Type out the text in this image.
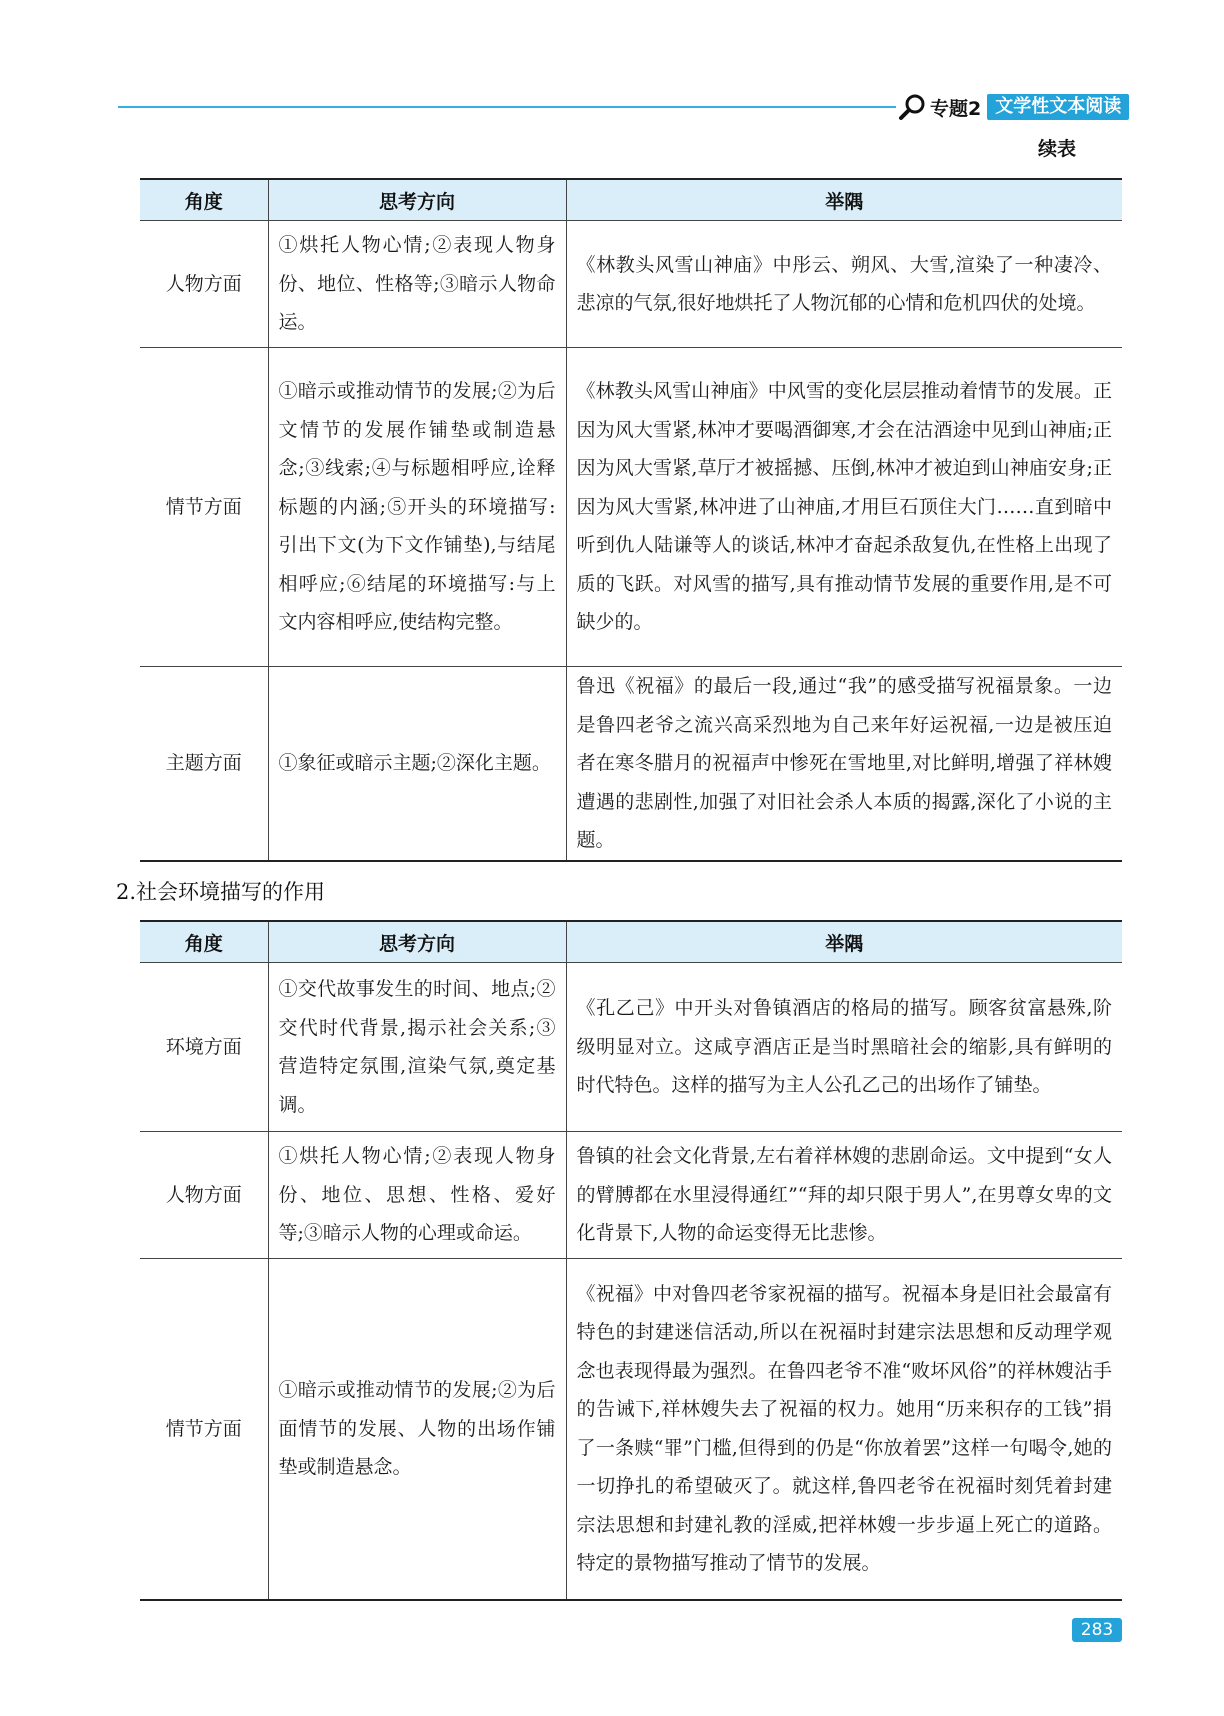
专题2 文学性文本阅读
续表
角度	思考方向	举隅
人物方面	①烘托人物心情;②表现人物身份、地位、性格等;③暗示人物命运。	《林教头风雪山神庙》中彤云、朔风、大雪,渲染了一种凄冷、悲凉的气氛,很好地烘托了人物沉郁的心情和危机四伏的处境。
情节方面	①暗示或推动情节的发展;②为后文情节的发展作铺垫或制造悬念;③线索;④与标题相呼应,诠释标题的内涵;⑤开头的环境描写:引出下文(为下文作铺垫),与结尾相呼应;⑥结尾的环境描写:与上文内容相呼应,使结构完整。	《林教头风雪山神庙》中风雪的变化层层推动着情节的发展。正因为风大雪紧,林冲才要喝酒御寒,才会在沽酒途中见到山神庙;正因为风大雪紧,草厅才被摇撼、压倒,林冲才被迫到山神庙安身;正因为风大雪紧,林冲进了山神庙,才用巨石顶住大门……直到暗中听到仇人陆谦等人的谈话,林冲才奋起杀敌复仇,在性格上出现了质的飞跃。对风雪的描写,具有推动情节发展的重要作用,是不可缺少的。
主题方面	①象征或暗示主题;②深化主题。	鲁迅《祝福》的最后一段,通过“我”的感受描写祝福景象。一边是鲁四老爷之流兴高采烈地为自己来年好运祝福,一边是被压迫者在寒冬腊月的祝福声中惨死在雪地里,对比鲜明,增强了祥林嫂遭遇的悲剧性,加强了对旧社会杀人本质的揭露,深化了小说的主题。
2.社会环境描写的作用
角度	思考方向	举隅
环境方面	①交代故事发生的时间、地点;②交代时代背景,揭示社会关系;③营造特定氛围,渲染气氛,奠定基调。	《孔乙己》中开头对鲁镇酒店的格局的描写。顾客贫富悬殊,阶级明显对立。这咸亨酒店正是当时黑暗社会的缩影,具有鲜明的时代特色。这样的描写为主人公孔乙己的出场作了铺垫。
人物方面	①烘托人物心情;②表现人物身份、地位、思想、性格、爱好等;③暗示人物的心理或命运。	鲁镇的社会文化背景,左右着祥林嫂的悲剧命运。文中提到“女人的臂膊都在水里浸得通红”“拜的却只限于男人”,在男尊女卑的文化背景下,人物的命运变得无比悲惨。
情节方面	①暗示或推动情节的发展;②为后面情节的发展、人物的出场作铺垫或制造悬念。	《祝福》中对鲁四老爷家祝福的描写。祝福本身是旧社会最富有特色的封建迷信活动,所以在祝福时封建宗法思想和反动理学观念也表现得最为强烈。在鲁四老爷不准“败坏风俗”的祥林嫂沾手的告诫下,祥林嫂失去了祝福的权力。她用“历来积存的工钱”捐了一条赎“罪”门槛,但得到的仍是“你放着罢”这样一句喝令,她的一切挣扎的希望破灭了。就这样,鲁四老爷在祝福时刻凭着封建宗法思想和封建礼教的淫威,把祥林嫂一步步逼上死亡的道路。特定的景物描写推动了情节的发展。
283
